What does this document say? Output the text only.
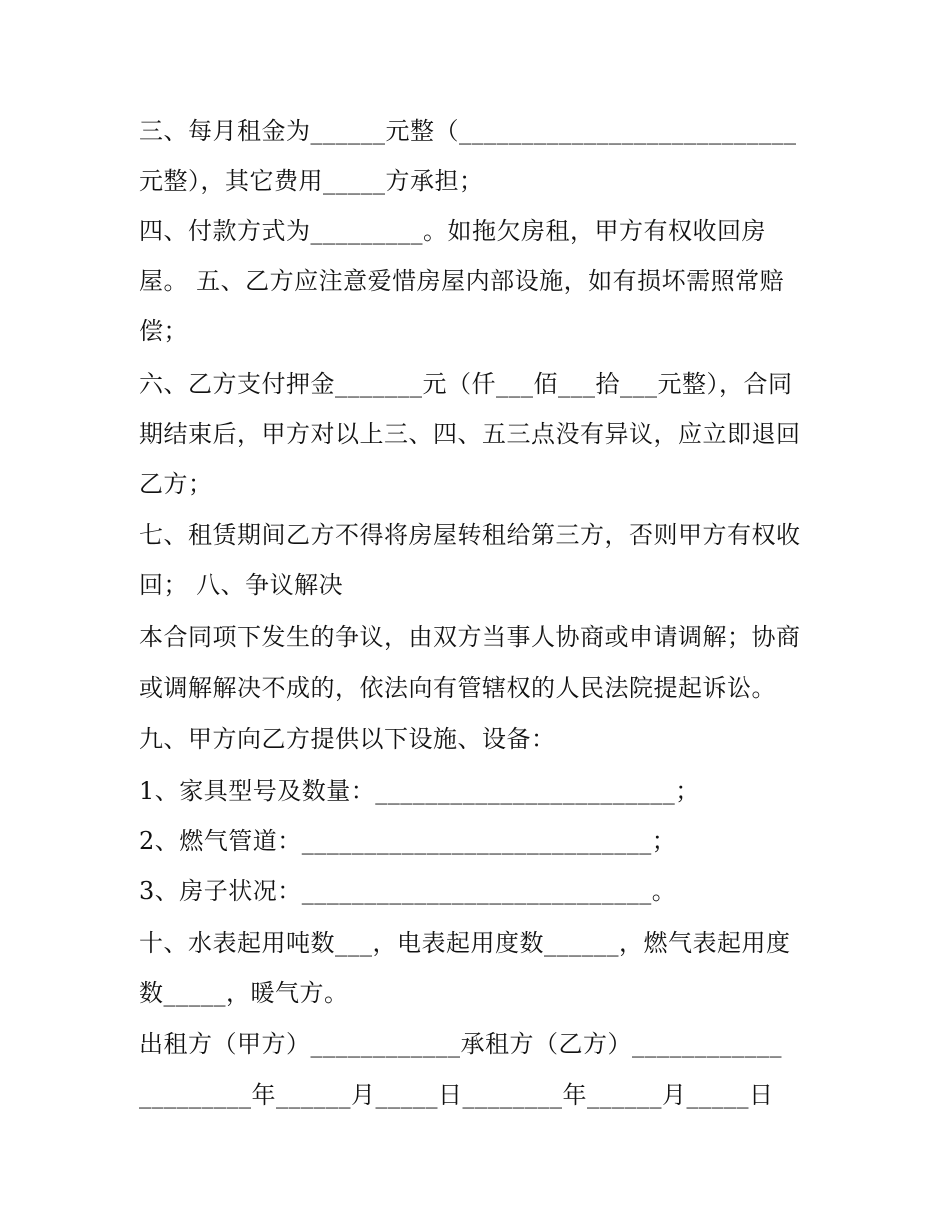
三、每月租金为______元整（___________________________
元整），其它费用_____方承担；
四、付款方式为_________。如拖欠房租，甲方有权收回房
屋。 五、乙方应注意爱惜房屋内部设施，如有损坏需照常赔
偿；
六、乙方支付押金_______元（仟___佰___拾___元整），合同
期结束后，甲方对以上三、四、五三点没有异议，应立即退回
乙方；
七、租赁期间乙方不得将房屋转租给第三方，否则甲方有权收
回； 八、争议解决
本合同项下发生的争议，由双方当事人协商或申请调解；协商
或调解解决不成的，依法向有管辖权的人民法院提起诉讼。
九、甲方向乙方提供以下设施、设备：
1、家具型号及数量：________________________；
2、燃气管道：____________________________；
3、房子状况：____________________________。
十、水表起用吨数___，电表起用度数______，燃气表起用度
数_____，暖气方。
出租方（甲方）____________承租方（乙方）____________
_________年______月_____日________年______月_____日
